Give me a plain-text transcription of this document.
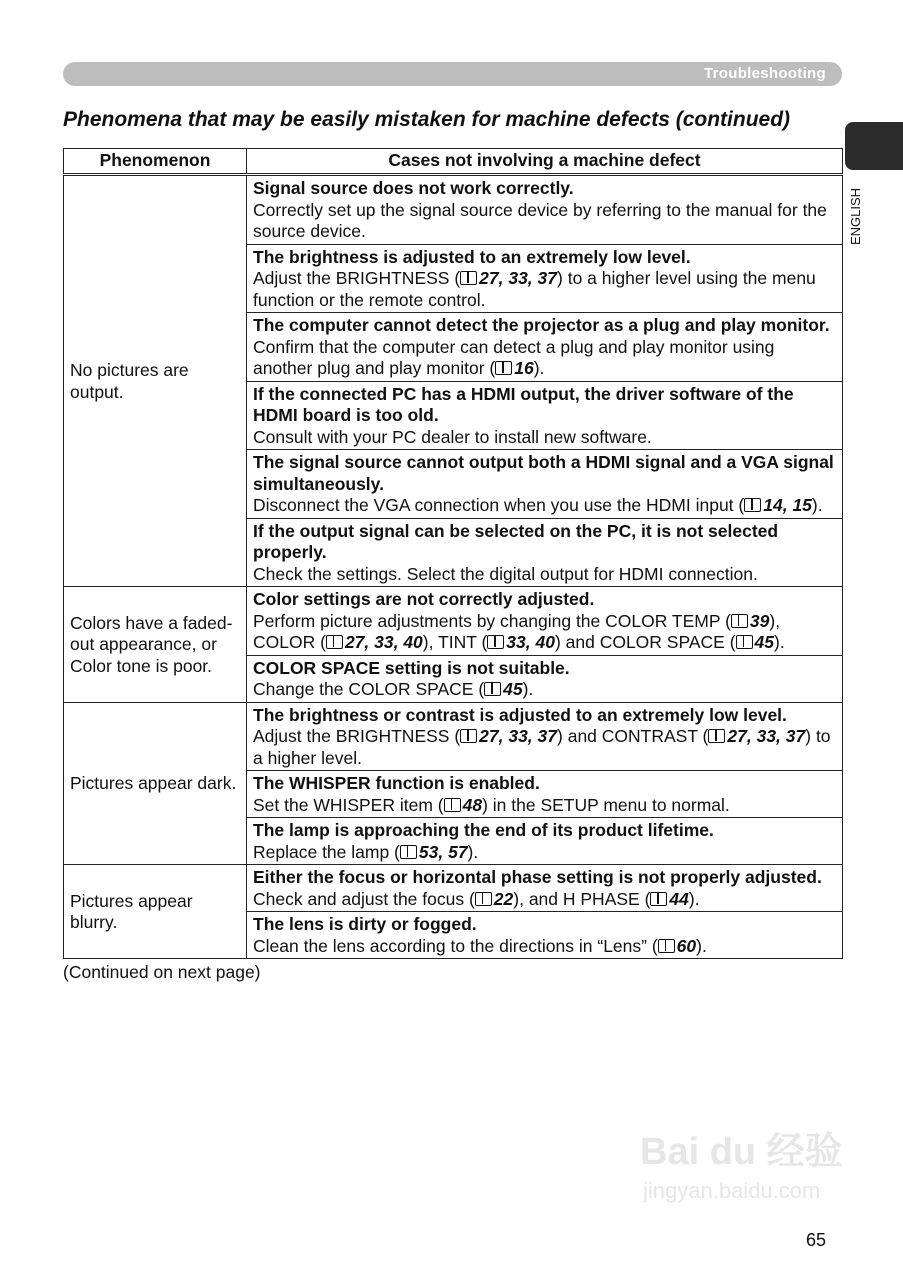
Troubleshooting
Phenomena that may be easily mistaken for machine defects (continued)
ENGLISH
Phenomenon	Cases not involving a machine defect
No pictures are output.	Signal source does not work correctly.
Correctly set up the signal source device by referring to the manual for the source device.

	The brightness is adjusted to an extremely low level.
Adjust the BRIGHTNESS ( 27, 33, 37) to a higher level using the menu function or the remote control.

	The computer cannot detect the projector as a plug and play monitor.
Confirm that the computer can detect a plug and play monitor using another plug and play monitor ( 16).

	If the connected PC has a HDMI output, the driver software of the HDMI board is too old.
Consult with your PC dealer to install new software.

	The signal source cannot output both a HDMI signal and a VGA signal simultaneously.
Disconnect the VGA connection when you use the HDMI input ( 14, 15).

	If the output signal can be selected on the PC, it is not selected properly.
Check the settings. Select the digital output for HDMI connection.

Colors have a faded-out appearance, or Color tone is poor.	Color settings are not correctly adjusted.
Perform picture adjustments by changing the COLOR TEMP ( 39), COLOR ( 27, 33, 40), TINT ( 33, 40) and COLOR SPACE ( 45).

	COLOR SPACE setting is not suitable.
Change the COLOR SPACE ( 45).

Pictures appear dark.	The brightness or contrast is adjusted to an extremely low level.
Adjust the BRIGHTNESS ( 27, 33, 37) and CONTRAST ( 27, 33, 37) to a higher level.

	The WHISPER function is enabled.
Set the WHISPER item ( 48) in the SETUP menu to normal.

	The lamp is approaching the end of its product lifetime.
Replace the lamp ( 53, 57).

Pictures appear blurry.	Either the focus or horizontal phase setting is not properly adjusted.
Check and adjust the focus ( 22), and H PHASE ( 44).

	The lens is dirty or fogged.
Clean the lens according to the directions in “Lens” ( 60).
(Continued on next page)
Bai du 经验
jingyan.baidu.com
65
